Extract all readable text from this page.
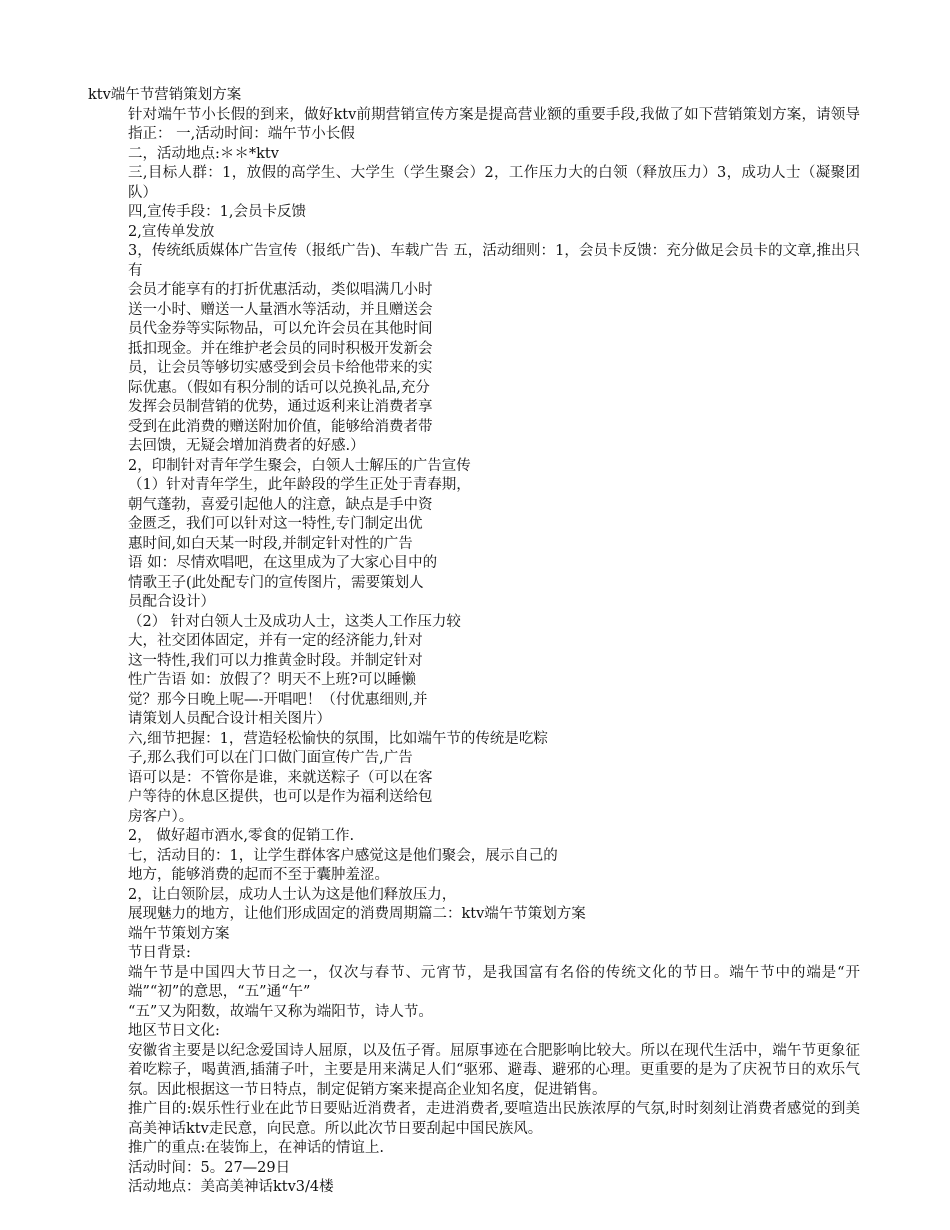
ktv端午节营销策划方案
针对端午节小长假的到来，做好ktv前期营销宣传方案是提高营业额的重要手段,我做了如下营销策划方案，请领导指正： 一,活动时间：端午节小长假
二，活动地点:＊＊*ktv
三,目标人群：1，放假的高学生、大学生（学生聚会）2，工作压力大的白领（释放压力）3，成功人士（凝聚团队）
四,宣传手段：1,会员卡反馈
2,宣传单发放
3，传统纸质媒体广告宣传（报纸广告)、车载广告 五，活动细则：1，会员卡反馈：充分做足会员卡的文章,推出只有
会员才能享有的打折优惠活动，类似唱满几小时
送一小时、赠送一人量酒水等活动，并且赠送会
员代金券等实际物品，可以允许会员在其他时间
抵扣现金。并在维护老会员的同时积极开发新会
员，让会员等够切实感受到会员卡给他带来的实
际优惠。（假如有积分制的话可以兑换礼品,充分
发挥会员制营销的优势，通过返利来让消费者享
受到在此消费的赠送附加价值，能够给消费者带
去回馈，无疑会增加消费者的好感.）
2，印制针对青年学生聚会，白领人士解压的广告宣传
（1）针对青年学生，此年龄段的学生正处于青春期，
朝气蓬勃，喜爱引起他人的注意，缺点是手中资
金匮乏，我们可以针对这一特性,专门制定出优
惠时间,如白天某一时段,并制定针对性的广告
语 如：尽情欢唱吧，在这里成为了大家心目中的
情歌王子(此处配专门的宣传图片，需要策划人
员配合设计）
（2） 针对白领人士及成功人士，这类人工作压力较
大，社交团体固定，并有一定的经济能力,针对
这一特性,我们可以力推黄金时段。并制定针对
性广告语 如：放假了？明天不上班?可以睡懒
觉？那今日晚上呢—-开唱吧！（付优惠细则,并
请策划人员配合设计相关图片）
六,细节把握：1，营造轻松愉快的氛围，比如端午节的传统是吃粽
子,那么我们可以在门口做门面宣传广告,广告
语可以是：不管你是谁，来就送粽子（可以在客
户等待的休息区提供，也可以是作为福利送给包
房客户）。
2， 做好超市酒水,零食的促销工作.
七，活动目的：1，让学生群体客户感觉这是他们聚会，展示自己的
地方，能够消费的起而不至于囊肿羞涩。
2，让白领阶层，成功人士认为这是他们释放压力，
展现魅力的地方，让他们形成固定的消费周期篇二：ktv端午节策划方案
端午节策划方案
节日背景:
端午节是中国四大节日之一，仅次与春节、元宵节，是我国富有名俗的传统文化的节日。端午节中的端是“开端”“初”的意思，“五”通“午”
“五”又为阳数，故端午又称为端阳节，诗人节。
地区节日文化:
安徽省主要是以纪念爱国诗人屈原，以及伍子胥。屈原事迹在合肥影响比较大。所以在现代生活中，端午节更象征着吃粽子，喝黄酒,插蒲子叶，主要是用来满足人们“驱邪、避毒、避邪的心理。更重要的是为了庆祝节日的欢乐气氛。因此根据这一节日特点，制定促销方案来提高企业知名度，促进销售。
推广目的:娱乐性行业在此节日要贴近消费者，走进消费者,要喧造出民族浓厚的气氛,时时刻刻让消费者感觉的到美高美神话ktv走民意，向民意。所以此次节日要刮起中国民族风。
推广的重点:在装饰上，在神话的情谊上.
活动时间：5。27—29日
活动地点：美高美神话ktv3/4楼
